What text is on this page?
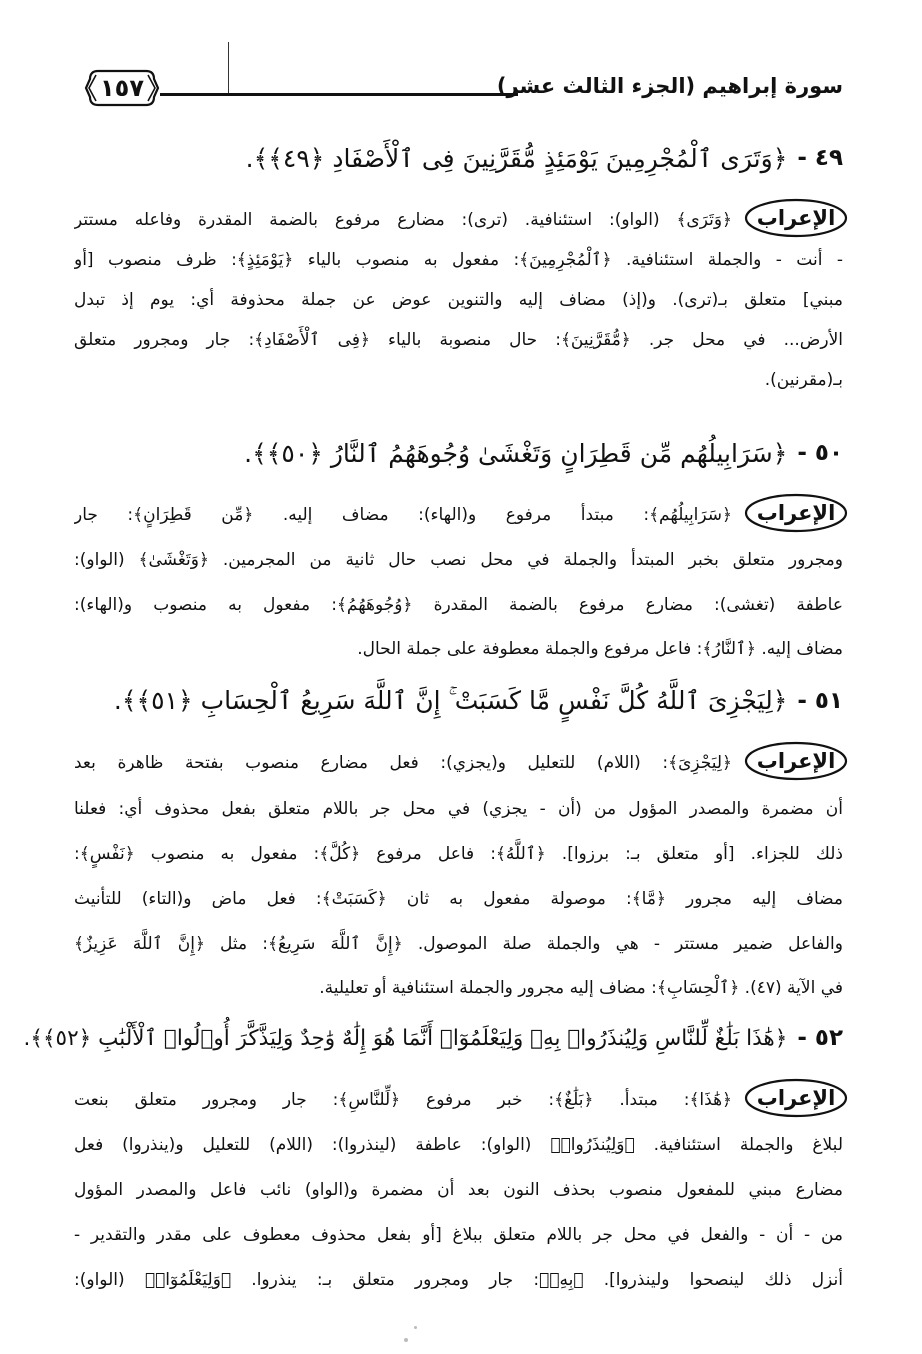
١٥٧	سورة إبراهيم (الجزء الثالث عشر)
٤٩ -
﴿وَتَرَى ٱلْمُجْرِمِينَ يَوْمَئِذٍ مُّقَرَّنِينَ فِى ٱلْأَصْفَادِ ﴿٤٩﴾﴾.
الإعراب
﴿وَتَرَى﴾ (الواو): استئنافية. (ترى): مضارع مرفوع بالضمة المقدرة وفاعله مستتر
- أنت - والجملة استئنافية. ﴿ٱلْمُجْرِمِينَ﴾: مفعول به منصوب بالياء ﴿يَوْمَئِذٍ﴾: ظرف منصوب [أو
مبني] متعلق بـ(ترى). و(إذ) مضاف إليه والتنوين عوض عن جملة محذوفة أي: يوم إذ تبدل
الأرض... في محل جر. ﴿مُّقَرَّنِينَ﴾: حال منصوبة بالياء ﴿فِى ٱلْأَصْفَادِ﴾: جار ومجرور متعلق
بـ(مقرنين).
٥٠ -
﴿سَرَابِيلُهُم مِّن قَطِرَانٍ وَتَغْشَىٰ وُجُوهَهُمُ ٱلنَّارُ ﴿٥٠﴾﴾.
الإعراب
﴿سَرَابِيلُهُم﴾: مبتدأ مرفوع و(الهاء): مضاف إليه. ﴿مِّن قَطِرَانٍ﴾: جار
ومجرور متعلق بخبر المبتدأ والجملة في محل نصب حال ثانية من المجرمين. ﴿وَتَغْشَىٰ﴾ (الواو):
عاطفة (تغشى): مضارع مرفوع بالضمة المقدرة ﴿وُجُوهَهُمُ﴾: مفعول به منصوب و(الهاء):
مضاف إليه. ﴿ٱلنَّارُ﴾: فاعل مرفوع والجملة معطوفة على جملة الحال.
٥١ -
﴿لِيَجْزِىَ ٱللَّهُ كُلَّ نَفْسٍ مَّا كَسَبَتْ ۚ إِنَّ ٱللَّهَ سَرِيعُ ٱلْحِسَابِ ﴿٥١﴾﴾.
الإعراب
﴿لِيَجْزِىَ﴾: (اللام) للتعليل و(يجزي): فعل مضارع منصوب بفتحة ظاهرة بعد
أن مضمرة والمصدر المؤول من (أن - يجزي) في محل جر باللام متعلق بفعل محذوف أي: فعلنا
ذلك للجزاء. [أو متعلق بـ: برزوا]. ﴿ٱللَّهُ﴾: فاعل مرفوع ﴿كُلَّ﴾: مفعول به منصوب ﴿نَفْسٍ﴾:
مضاف إليه مجرور ﴿مَّا﴾: موصولة مفعول به ثان ﴿كَسَبَتْ﴾: فعل ماض و(التاء) للتأنيث
والفاعل ضمير مستتر - هي والجملة صلة الموصول. ﴿إِنَّ ٱللَّهَ سَرِيعُ﴾: مثل ﴿إِنَّ ٱللَّهَ عَزِيزٌ﴾
في الآية (٤٧). ﴿ٱلْحِسَابِ﴾: مضاف إليه مجرور والجملة استئنافية أو تعليلية.
٥٢ -
﴿هَٰذَا بَلَٰغٌ لِّلنَّاسِ وَلِيُنذَرُوا۟ بِهِۦ وَلِيَعْلَمُوٓا۟ أَنَّمَا هُوَ إِلَٰهٌ وَٰحِدٌ وَلِيَذَّكَّرَ أُو۟لُوا۟ ٱلْأَلْبَٰبِ ﴿٥٢﴾﴾.
الإعراب
﴿هَٰذَا﴾: مبتدأ. ﴿بَلَٰغٌ﴾: خبر مرفوع ﴿لِّلنَّاسِ﴾: جار ومجرور متعلق بنعت
لبلاغ والجملة استئنافية. ﴿وَلِيُنذَرُوا۟﴾ (الواو): عاطفة (لينذروا): (اللام) للتعليل و(ينذروا) فعل
مضارع مبني للمفعول منصوب بحذف النون بعد أن مضمرة و(الواو) نائب فاعل والمصدر المؤول
من - أن - والفعل في محل جر باللام متعلق ببلاغ [أو بفعل محذوف معطوف على مقدر والتقدير -
أنزل ذلك لينصحوا ولينذروا]. ﴿بِهِۦ﴾: جار ومجرور متعلق بـ: ينذروا. ﴿وَلِيَعْلَمُوٓا۟﴾ (الواو):
